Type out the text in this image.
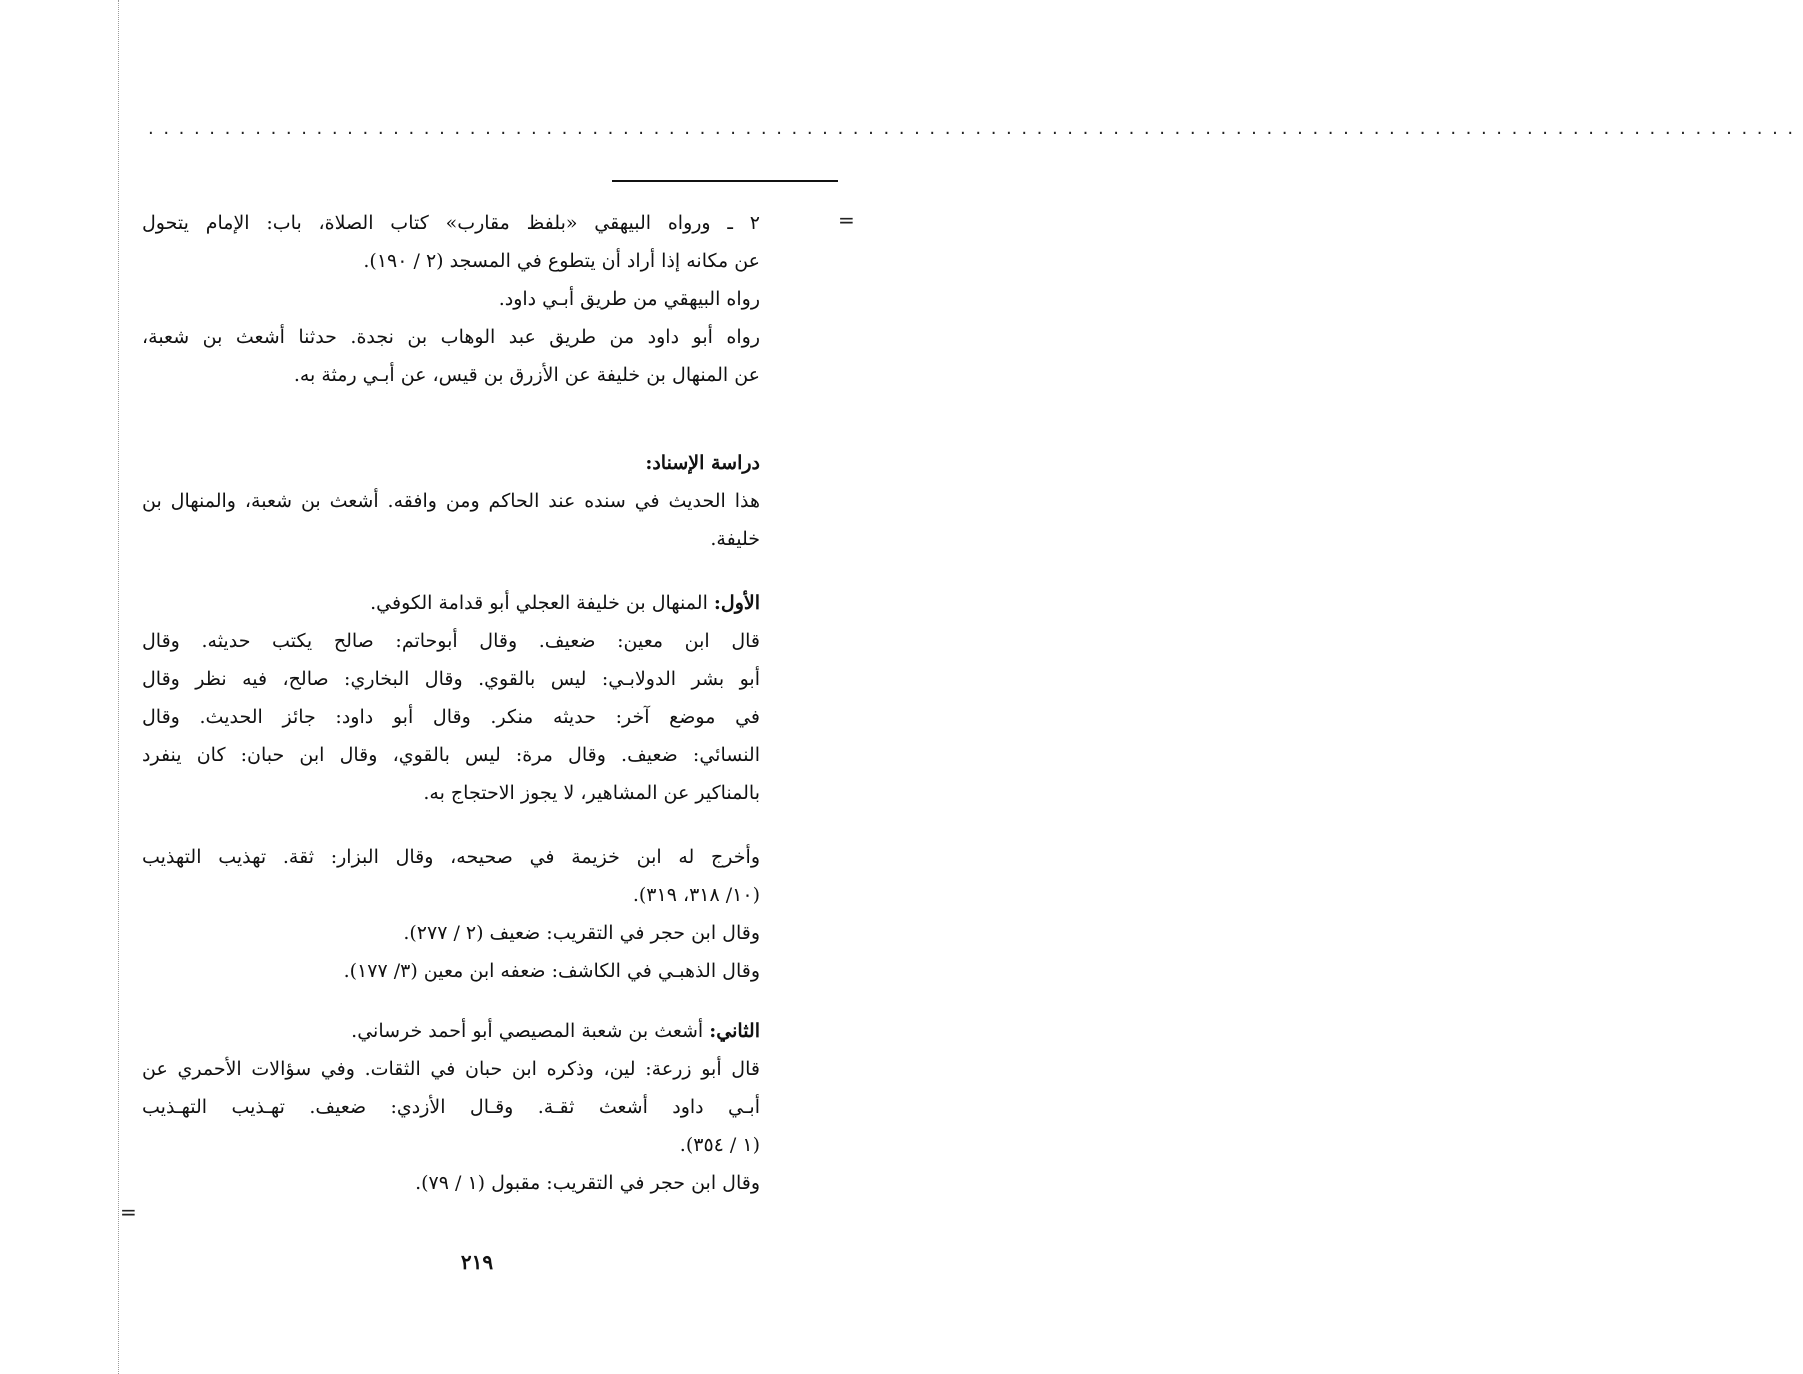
............................................................................................................
=
=

٢ ـ ورواه البيهقي «بلفظ مقارب» كتاب الصلاة، باب: الإمام يتحول

عن مكانه إذا أراد أن يتطوع في المسجد (٢ / ١٩٠).

رواه البيهقي من طريق أبـي داود.

رواه أبو داود من طريق عبد الوهاب بن نجدة. حدثنا أشعث بن شعبة،

عن المنهال بن خليفة عن الأزرق بن قيس، عن أبـي رمثة به.

دراسة الإسناد:

هذا الحديث في سنده عند الحاكم ومن وافقه. أشعث بن شعبة، والمنهال بن

خليفة.

الأول: المنهال بن خليفة العجلي أبو قدامة الكوفي.

قال ابن معين: ضعيف. وقال أبوحاتم: صالح يكتب حديثه. وقال

أبو بشر الدولابـي: ليس بالقوي. وقال البخاري: صالح، فيه نظر وقال

في موضع آخر: حديثه منكر. وقال أبو داود: جائز الحديث. وقال

النسائي: ضعيف. وقال مرة: ليس بالقوي، وقال ابن حبان: كان ينفرد

بالمناكير عن المشاهير، لا يجوز الاحتجاج به.

وأخرج له ابن خزيمة في صحيحه، وقال البزار: ثقة. تهذيب التهذيب

(١٠/ ٣١٨، ٣١٩).

وقال ابن حجر في التقريب: ضعيف (٢ / ٢٧٧).

وقال الذهبـي في الكاشف: ضعفه ابن معين (٣/ ١٧٧).

الثاني: أشعث بن شعبة المصيصي أبو أحمد خرساني.

قال أبو زرعة: لين، وذكره ابن حبان في الثقات. وفي سؤالات الأحمري عن

أبـي داود أشعث ثقـة. وقـال الأزدي: ضعيف. تهـذيب التهـذيب

(١ / ٣٥٤).

وقال ابن حجر في التقريب: مقبول (١ / ٧٩).

٢١٩
